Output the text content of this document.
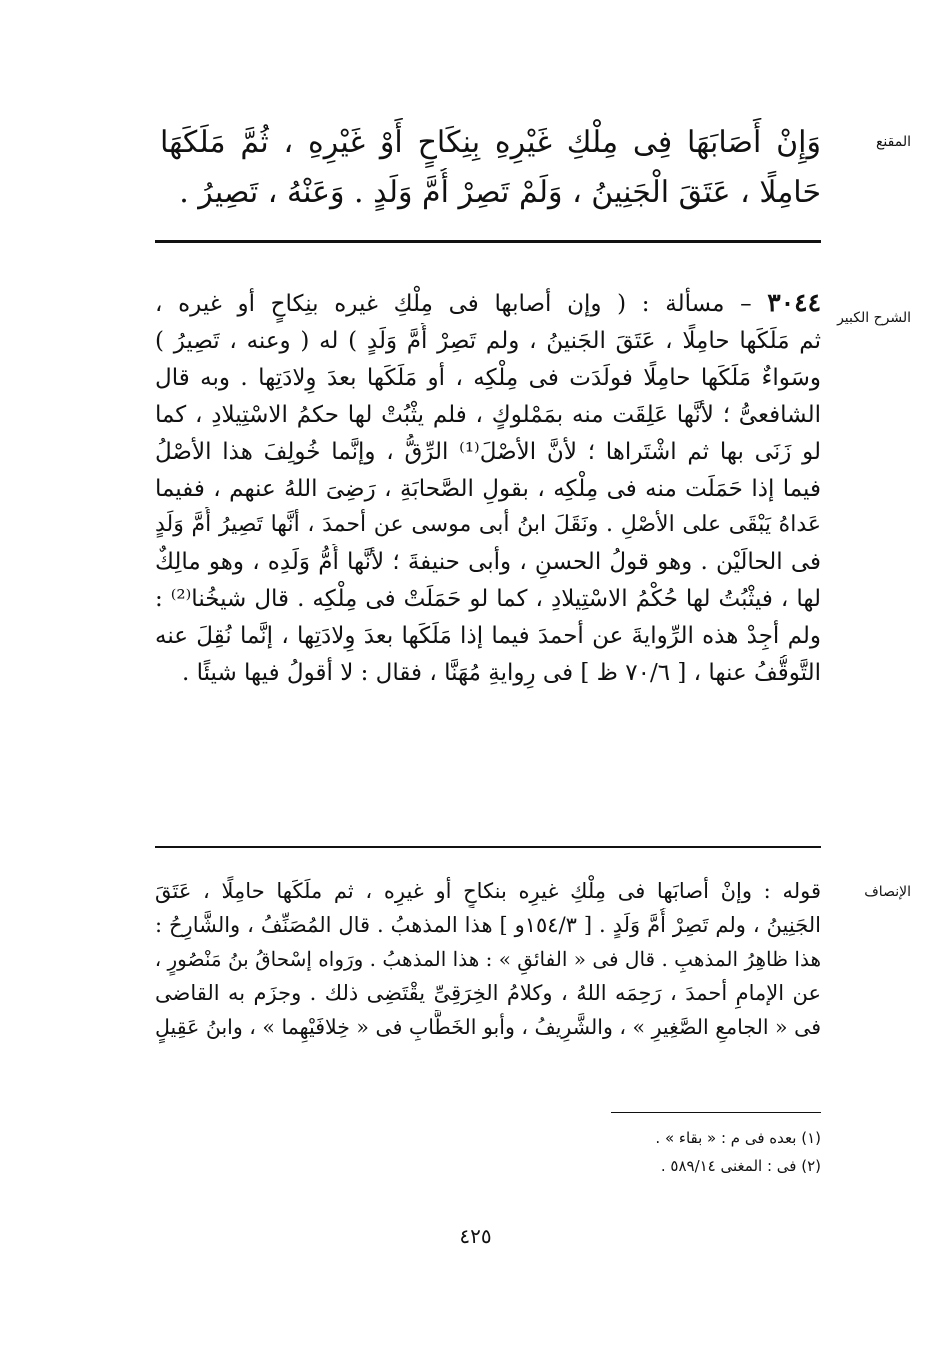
المقنع
وَإِنْ أَصَابَهَا فِى مِلْكِ غَيْرِهِ بِنِكَاحٍ أَوْ غَيْرِهِ ، ثُمَّ مَلَكَهَا
حَامِلًا ، عَتَقَ الْجَنِينُ ، وَلَمْ تَصِرْ أُمَّ وَلَدٍ . وَعَنْهُ ، تَصِيرُ .
الشرح الكبير
٣٠٤٤ – مسألة : ( وإن أصابها فى مِلْكِ غيره بنِكاحٍ أو غيره ،
ثم مَلَكَها حامِلًا ، عَتَقَ الجَنينُ ، ولم تَصِرْ أُمَّ وَلَدٍ ) له ( وعنه ، تَصِيرُ )
وسَواءٌ مَلَكَها حامِلًا فولَدَت فى مِلْكِه ، أو مَلَكَها بعدَ وِلادَتِها . وبه قال
الشافعىُّ ؛ لأنَّها عَلِقَت منه بمَمْلوكٍ ، فلم يثْبُتْ لها حكمُ الاسْتِيلادِ ، كما
لو زَنَى بها ثم اشْتَراها ؛ لأنَّ الأصْلَ⁽¹⁾ الرِّقُّ ، وإنَّما خُولِفَ هذا الأصْلُ
فيما إذا حَمَلَت منه فى مِلْكِه ، بقولِ الصَّحابَةِ ، رَضِىَ اللهُ عنهم ، ففيما
عَداهُ يَبْقَى على الأصْلِ . ونَقَلَ ابنُ أبى موسى عن أحمدَ ، أنَّها تَصِيرُ أُمَّ وَلَدٍ
فى الحالَيْن . وهو قولُ الحسنِ ، وأبى حنيفةَ ؛ لأنَّها أُمُّ وَلَدِه ، وهو مالِكٌ
لها ، فيثْبُتُ لها حُكْمُ الاسْتِيلادِ ، كما لو حَمَلَتْ فى مِلْكِه . قال شيخُنا⁽²⁾ :
ولم أجِدْ هذه الرِّوايةَ عن أحمدَ فيما إذا مَلَكَها بعدَ وِلادَتِها ، إنَّما نُقِلَ عنه
التَّوقُّفُ عنها ، [ ٧٠/٦ ظ ] فى رِوايةِ مُهَنَّا ، فقال : لا أقولُ فيها شيئًا .
الإنصاف
قوله : وإنْ أصابَها فى مِلْكِ غيرِه بنكاحٍ أو غيرِه ، ثم ملَكَها حامِلًا ، عَتَقَ
الجَنِينُ ، ولم تَصِرْ أُمَّ وَلَدٍ . [ ١٥٤/٣و ] هذا المذهبُ . قال المُصَنِّفُ ، والشَّارِحُ :
هذا ظاهِرُ المذهبِ . قال فى « الفائقِ » : هذا المذهبُ . ورَواه إسْحاقُ بنُ مَنْصُورٍ ،
عن الإمامِ أحمدَ ، رَحِمَه اللهُ ، وكلامُ الخِرَقِىِّ يقْتَضِى ذلك . وجزَم به القاضى
فى « الجامعِ الصَّغِيرِ » ، والشَّرِيفُ ، وأبو الخَطَّابِ فى « خِلافَيْهِما » ، وابنُ عَقِيلٍ
(١) بعده فى م : « بقاء » .
(٢) فى : المغنى ٥٨٩/١٤ .
٤٢٥
